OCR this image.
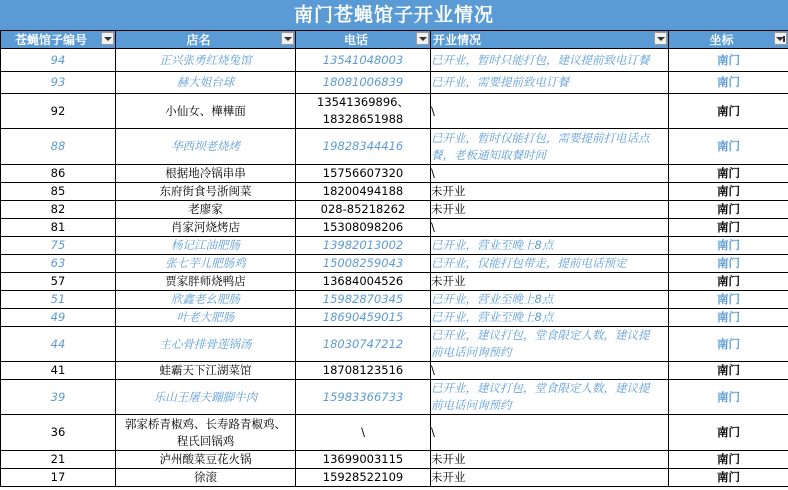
南门苍蝇馆子开业情况
苍蝇馆子编号	店名	电话	开业情况	坐标

94	正兴张勇红烧兔馆	13541048003	已开业，暂时只能打包，建议提前致电订餐	南门

93	赫大姐台球	18081006839	已开业，需要提前致电订餐	南门

92	小仙女、樺樺面	13541369896、
18328651988	\	南门

88	华西坝老烧烤	19828344416	已开业，暂时仅能打包，需要提前打电话点
餐，老板通知取餐时间	南门

86	根据地冷锅串串	15756607320	\	南门

85	东府街食号浙闽菜	18200494188	未开业	南门

82	老廖家	028-85218262	未开业	南门

81	肖家河烧烤店	15308098206	\	南门

75	杨记江油肥肠	13982013002	已开业，营业至晚上8点	南门

63	张七芋儿肥肠鸡	15008259043	已开业，仅能打包带走，提前电话预定	南门

57	贾家胖师烧鸭店	13684004526	未开业	南门

51	欣鑫老幺肥肠	15982870345	已开业，营业至晚上8点	南门

49	叶老大肥肠	18690459015	已开业，营业至晚上8点	南门

44	主心骨排骨莲锅汤	18030747212	已开业，建议打包，堂食限定人数，建议提
前电话问询预约	南门

41	蛙霸天下江湖菜馆	18708123516	\	南门

39	乐山王屠夫蹦脚牛肉	15983366733	已开业，建议打包，堂食限定人数，建议提
前电话问询预约	南门

36	郭家桥青椒鸡、长寿路青椒鸡、
程氏回锅鸡	\	\	南门

21	泸州酸菜豆花火锅	13699003115	未开业	南门

17	徐滚	15928522109	未开业	南门
